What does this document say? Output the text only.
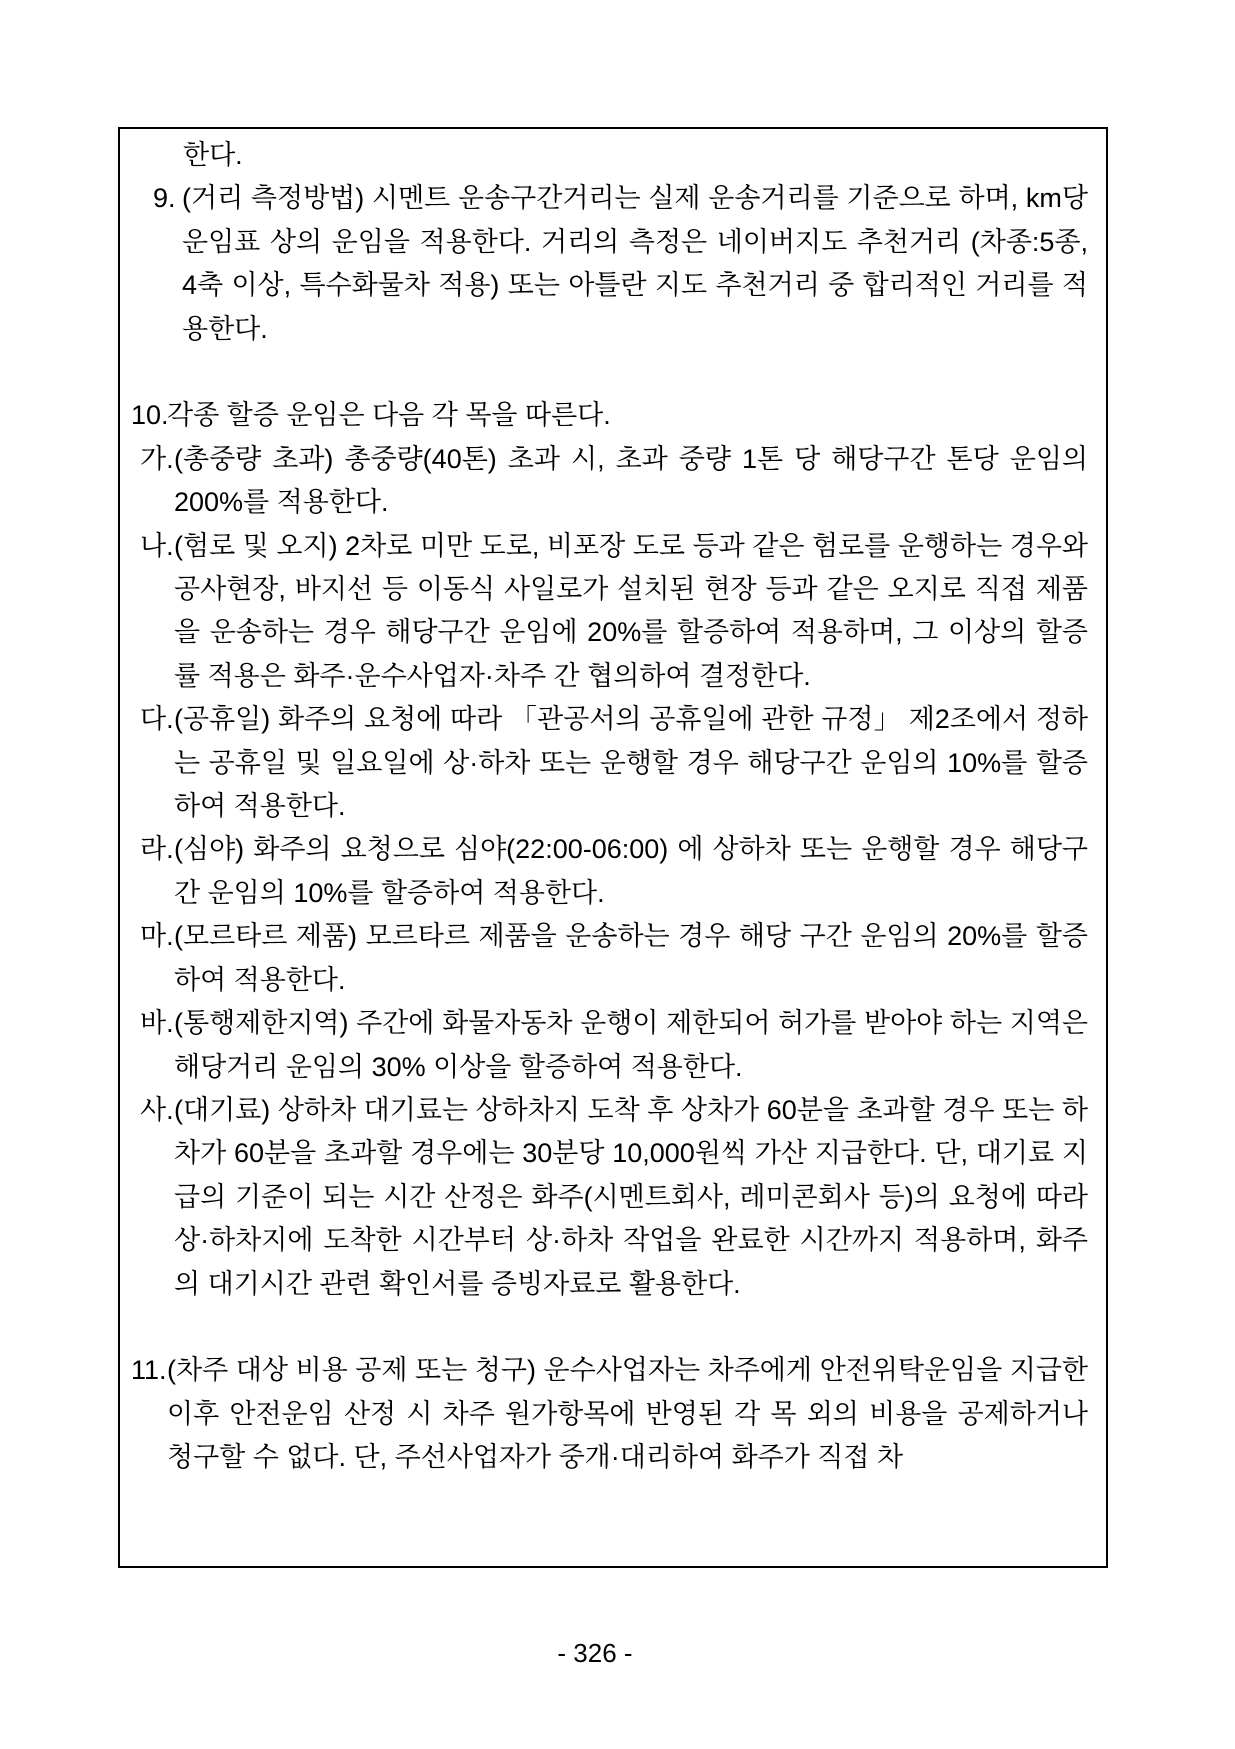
한다.
9. (거리 측정방법) 시멘트 운송구간거리는 실제 운송거리를 기준으로 하며, km당 운임표 상의 운임을 적용한다. 거리의 측정은 네이버지도 추천거리 (차종:5종, 4축 이상, 특수화물차 적용) 또는 아틀란 지도 추천거리 중 합리적인 거리를 적용한다.
10.
각종 할증 운임은 다음 각 목을 따른다.
가. (총중량 초과) 총중량(40톤) 초과 시, 초과 중량 1톤 당 해당구간 톤당 운임의 200%를 적용한다.
나. (험로 및 오지) 2차로 미만 도로, 비포장 도로 등과 같은 험로를 운행하는 경우와 공사현장, 바지선 등 이동식 사일로가 설치된 현장 등과 같은 오지로 직접 제품을 운송하는 경우 해당구간 운임에 20%를 할증하여 적용하며, 그 이상의 할증률 적용은 화주·운수사업자·차주 간 협의하여 결정한다.
다. (공휴일) 화주의 요청에 따라 「관공서의 공휴일에 관한 규정」 제2조에서 정하는 공휴일 및 일요일에 상·하차 또는 운행할 경우 해당구간 운임의 10%를 할증하여 적용한다.
라. (심야) 화주의 요청으로 심야(22:00-06:00) 에 상하차 또는 운행할 경우 해당구간 운임의 10%를 할증하여 적용한다.
마. (모르타르 제품) 모르타르 제품을 운송하는 경우 해당 구간 운임의 20%를 할증하여 적용한다.
바. (통행제한지역) 주간에 화물자동차 운행이 제한되어 허가를 받아야 하는 지역은 해당거리 운임의 30% 이상을 할증하여 적용한다.
사. (대기료) 상하차 대기료는 상하차지 도착 후 상차가 60분을 초과할 경우 또는 하차가 60분을 초과할 경우에는 30분당 10,000원씩 가산 지급한다. 단, 대기료 지급의 기준이 되는 시간 산정은 화주(시멘트회사, 레미콘회사 등)의 요청에 따라 상·하차지에 도착한 시간부터 상·하차 작업을 완료한 시간까지 적용하며, 화주의 대기시간 관련 확인서를 증빙자료로 활용한다.
11. (차주 대상 비용 공제 또는 청구) 운수사업자는 차주에게 안전위탁운임을 지급한 이후 안전운임 산정 시 차주 원가항목에 반영된 각 목 외의 비용을 공제하거나 청구할 수 없다. 단, 주선사업자가 중개·대리하여 화주가 직접 차
- 326 -
